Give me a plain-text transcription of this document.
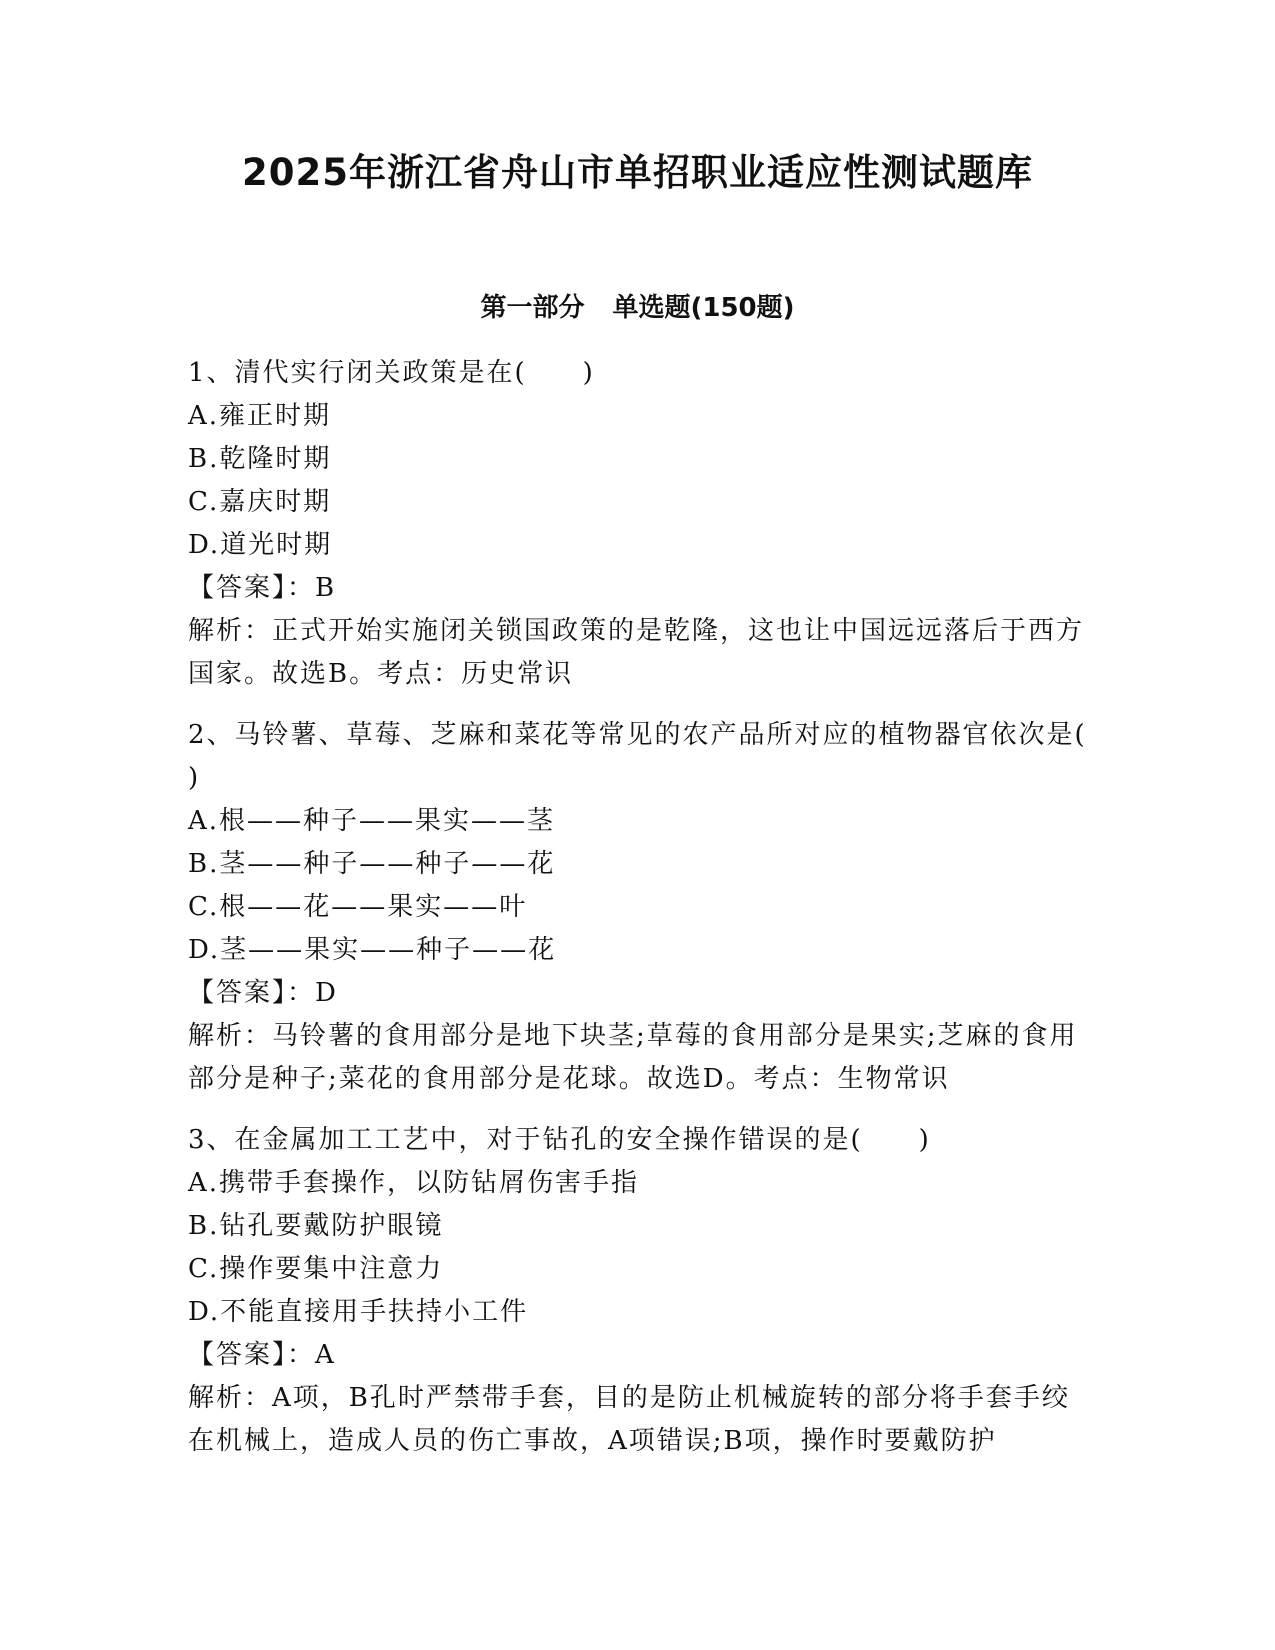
2025年浙江省舟山市单招职业适应性测试题库
第一部分 单选题(150题)

1、清代实行闭关政策是在(　　)

A.雍正时期

B.乾隆时期

C.嘉庆时期

D.道光时期

【答案】：B

解析：正式开始实施闭关锁国政策的是乾隆，这也让中国远远落后于西方国家。故选B。考点：历史常识

2、马铃薯、草莓、芝麻和菜花等常见的农产品所对应的植物器官依次是(　　)

A.根——种子——果实——茎

B.茎——种子——种子——花

C.根——花——果实——叶

D.茎——果实——种子——花

【答案】：D

解析：马铃薯的食用部分是地下块茎;草莓的食用部分是果实;芝麻的食用部分是种子;菜花的食用部分是花球。故选D。考点：生物常识

3、在金属加工工艺中，对于钻孔的安全操作错误的是(　　)

A.携带手套操作，以防钻屑伤害手指

B.钻孔要戴防护眼镜

C.操作要集中注意力

D.不能直接用手扶持小工件

【答案】：A

解析：A项，B孔时严禁带手套，目的是防止机械旋转的部分将手套手绞在机械上，造成人员的伤亡事故，A项错误;B项，操作时要戴防护
